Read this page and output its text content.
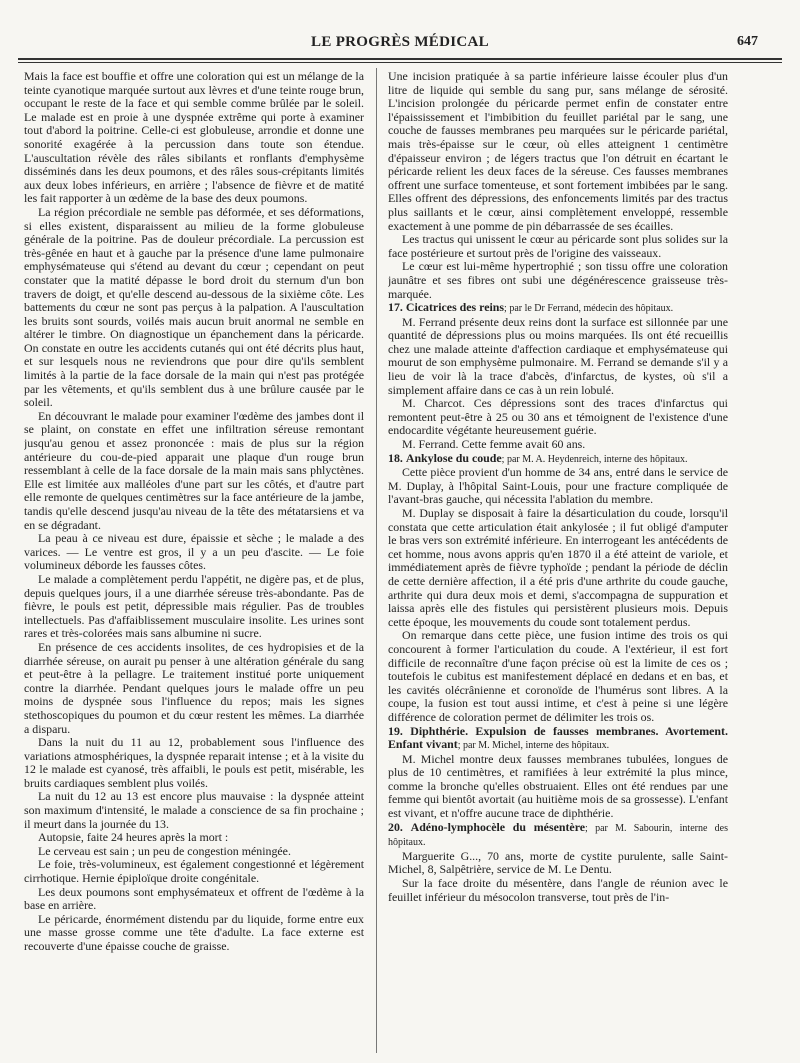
LE PROGRÈS MÉDICAL	647

Mais la face est bouffie et offre une coloration qui est un mélange de la teinte cyanotique marquée surtout aux lèvres et d'une teinte rouge brun, occupant le reste de la face et qui semble comme brûlée par le soleil. Le malade est en proie à une dyspnée extrême qui porte à examiner tout d'abord la poitrine. Celle-ci est globuleuse, arrondie et donne une sonorité exagérée à la percussion dans toute son étendue. L'auscultation révèle des râles sibilants et ronflants d'emphysème disséminés dans les deux poumons, et des râles sous-crépitants limités aux deux lobes inférieurs, en arrière ; l'absence de fièvre et de matité les fait rapporter à un œdème de la base des deux poumons.

La région précordiale ne semble pas déformée, et ses déformations, si elles existent, disparaissent au milieu de la forme globuleuse générale de la poitrine. Pas de douleur précordiale. La percussion est très-gênée en haut et à gauche par la présence d'une lame pulmonaire emphysémateuse qui s'étend au devant du cœur ; cependant on peut constater que la matité dépasse le bord droit du sternum d'un bon travers de doigt, et qu'elle descend au-dessous de la sixième côte. Les battements du cœur ne sont pas perçus à la palpation. A l'auscultation les bruits sont sourds, voilés mais aucun bruit anormal ne semble en altérer le timbre. On diagnostique un épanchement dans la péricarde. On constate en outre les accidents cutanés qui ont été décrits plus haut, et sur lesquels nous ne reviendrons que pour dire qu'ils semblent limités à la partie de la face dorsale de la main qui n'est pas protégée par les vêtements, et qu'ils semblent dus à une brûlure causée par le soleil.

En découvrant le malade pour examiner l'œdème des jambes dont il se plaint, on constate en effet une infiltration séreuse remontant jusqu'au genou et assez prononcée : mais de plus sur la région antérieure du cou-de-pied apparait une plaque d'un rouge brun ressemblant à celle de la face dorsale de la main mais sans phlyctènes. Elle est limitée aux malléoles d'une part sur les côtés, et d'autre part elle remonte de quelques centimètres sur la face antérieure de la jambe, tandis qu'elle descend jusqu'au niveau de la tête des métatarsiens et va en se dégradant.

La peau à ce niveau est dure, épaissie et sèche ; le malade a des varices. — Le ventre est gros, il y a un peu d'ascite. — Le foie volumineux déborde les fausses côtes.

Le malade a complètement perdu l'appétit, ne digère pas, et de plus, depuis quelques jours, il a une diarrhée séreuse très-abondante. Pas de fièvre, le pouls est petit, dépressible mais régulier. Pas de troubles intellectuels. Pas d'affaiblissement musculaire insolite. Les urines sont rares et très-colorées mais sans albumine ni sucre.

En présence de ces accidents insolites, de ces hydropisies et de la diarrhée séreuse, on aurait pu penser à une altération générale du sang et peut-être à la pellagre. Le traitement institué porte uniquement contre la diarrhée. Pendant quelques jours le malade offre un peu moins de dyspnée sous l'influence du repos; mais les signes stethoscopiques du poumon et du cœur restent les mêmes. La diarrhée a disparu.

Dans la nuit du 11 au 12, probablement sous l'influence des variations atmosphériques, la dyspnée reparait intense ; et à la visite du 12 le malade est cyanosé, très affaibli, le pouls est petit, misérable, les bruits cardiaques semblent plus voilés.

La nuit du 12 au 13 est encore plus mauvaise : la dyspnée atteint son maximum d'intensité, le malade a conscience de sa fin prochaine ; il meurt dans la journée du 13.

Autopsie, faite 24 heures après la mort :

Le cerveau est sain ; un peu de congestion méningée.

Le foie, très-volumineux, est également congestionné et légèrement cirrhotique. Hernie épiploïque droite congénitale.

Les deux poumons sont emphysémateux et offrent de l'œdème à la base en arrière.

Le péricarde, énormément distendu par du liquide, forme entre eux une masse grosse comme une tête d'adulte. La face externe est recouverte d'une épaisse couche de graisse.

Une incision pratiquée à sa partie inférieure laisse écouler plus d'un litre de liquide qui semble du sang pur, sans mélange de sérosité. L'incision prolongée du péricarde permet enfin de constater entre l'épaississement et l'imbibition du feuillet pariétal par le sang, une couche de fausses membranes peu marquées sur le péricarde pariétal, mais très-épaisse sur le cœur, où elles atteignent 1 centimètre d'épaisseur environ ; de légers tractus que l'on détruit en écartant le péricarde relient les deux faces de la séreuse. Ces fausses membranes offrent une surface tomenteuse, et sont fortement imbibées par le sang. Elles offrent des dépressions, des enfoncements limités par des tractus plus saillants et le cœur, ainsi complètement enveloppé, ressemble exactement à une pomme de pin débarrassée de ses écailles.

Les tractus qui unissent le cœur au péricarde sont plus solides sur la face postérieure et surtout près de l'origine des vaisseaux.

Le cœur est lui-même hypertrophié ; son tissu offre une coloration jaunâtre et ses fibres ont subi une dégénérescence graisseuse très-marquée.

17. Cicatrices des reins; par le Dr Ferrand, médecin des hôpitaux.

M. Ferrand présente deux reins dont la surface est sillonnée par une quantité de dépressions plus ou moins marquées. Ils ont été recueillis chez une malade atteinte d'affection cardiaque et emphysémateuse qui mourut de son emphysème pulmonaire. M. Ferrand se demande s'il y a lieu de voir là la trace d'abcès, d'infarctus, de kystes, où s'il a simplement affaire dans ce cas à un rein lobulé.

M. Charcot. Ces dépressions sont des traces d'infarctus qui remontent peut-être à 25 ou 30 ans et témoignent de l'existence d'une endocardite végétante heureusement guérie.

M. Ferrand. Cette femme avait 60 ans.

18. Ankylose du coude; par M. A. Heydenreich, interne des hôpitaux.

Cette pièce provient d'un homme de 34 ans, entré dans le service de M. Duplay, à l'hôpital Saint-Louis, pour une fracture compliquée de l'avant-bras gauche, qui nécessita l'ablation du membre.

M. Duplay se disposait à faire la désarticulation du coude, lorsqu'il constata que cette articulation était ankylosée ; il fut obligé d'amputer le bras vers son extrémité inférieure. En interrogeant les antécédents de cet homme, nous avons appris qu'en 1870 il a été atteint de variole, et immédiatement après de fièvre typhoïde ; pendant la période de déclin de cette dernière affection, il a été pris d'une arthrite du coude gauche, arthrite qui dura deux mois et demi, s'accompagna de suppuration et laissa après elle des fistules qui persistèrent plusieurs mois. Depuis cette époque, les mouvements du coude sont totalement perdus.

On remarque dans cette pièce, une fusion intime des trois os qui concourent à former l'articulation du coude. A l'extérieur, il est fort difficile de reconnaître d'une façon précise où est la limite de ces os ; toutefois le cubitus est manifestement déplacé en dedans et en bas, et les cavités olécrânienne et coronoïde de l'humérus sont libres. A la coupe, la fusion est tout aussi intime, et c'est à peine si une légère différence de coloration permet de délimiter les trois os.

19. Diphthérie. Expulsion de fausses membranes. Avortement. Enfant vivant; par M. Michel, interne des hôpitaux.

M. Michel montre deux fausses membranes tubulées, longues de plus de 10 centimètres, et ramifiées à leur extrémité la plus mince, comme la bronche qu'elles obstruaient. Elles ont été rendues par une femme qui bientôt avortait (au huitième mois de sa grossesse). L'enfant est vivant, et n'offre aucune trace de diphthérie.

20. Adéno-lymphocèle du mésentère; par M. Sabourin, interne des hôpitaux.

Marguerite G..., 70 ans, morte de cystite purulente, salle Saint-Michel, 8, Salpêtrière, service de M. Le Dentu.

Sur la face droite du mésentère, dans l'angle de réunion avec le feuillet inférieur du mésocolon transverse, tout près de l'in-
